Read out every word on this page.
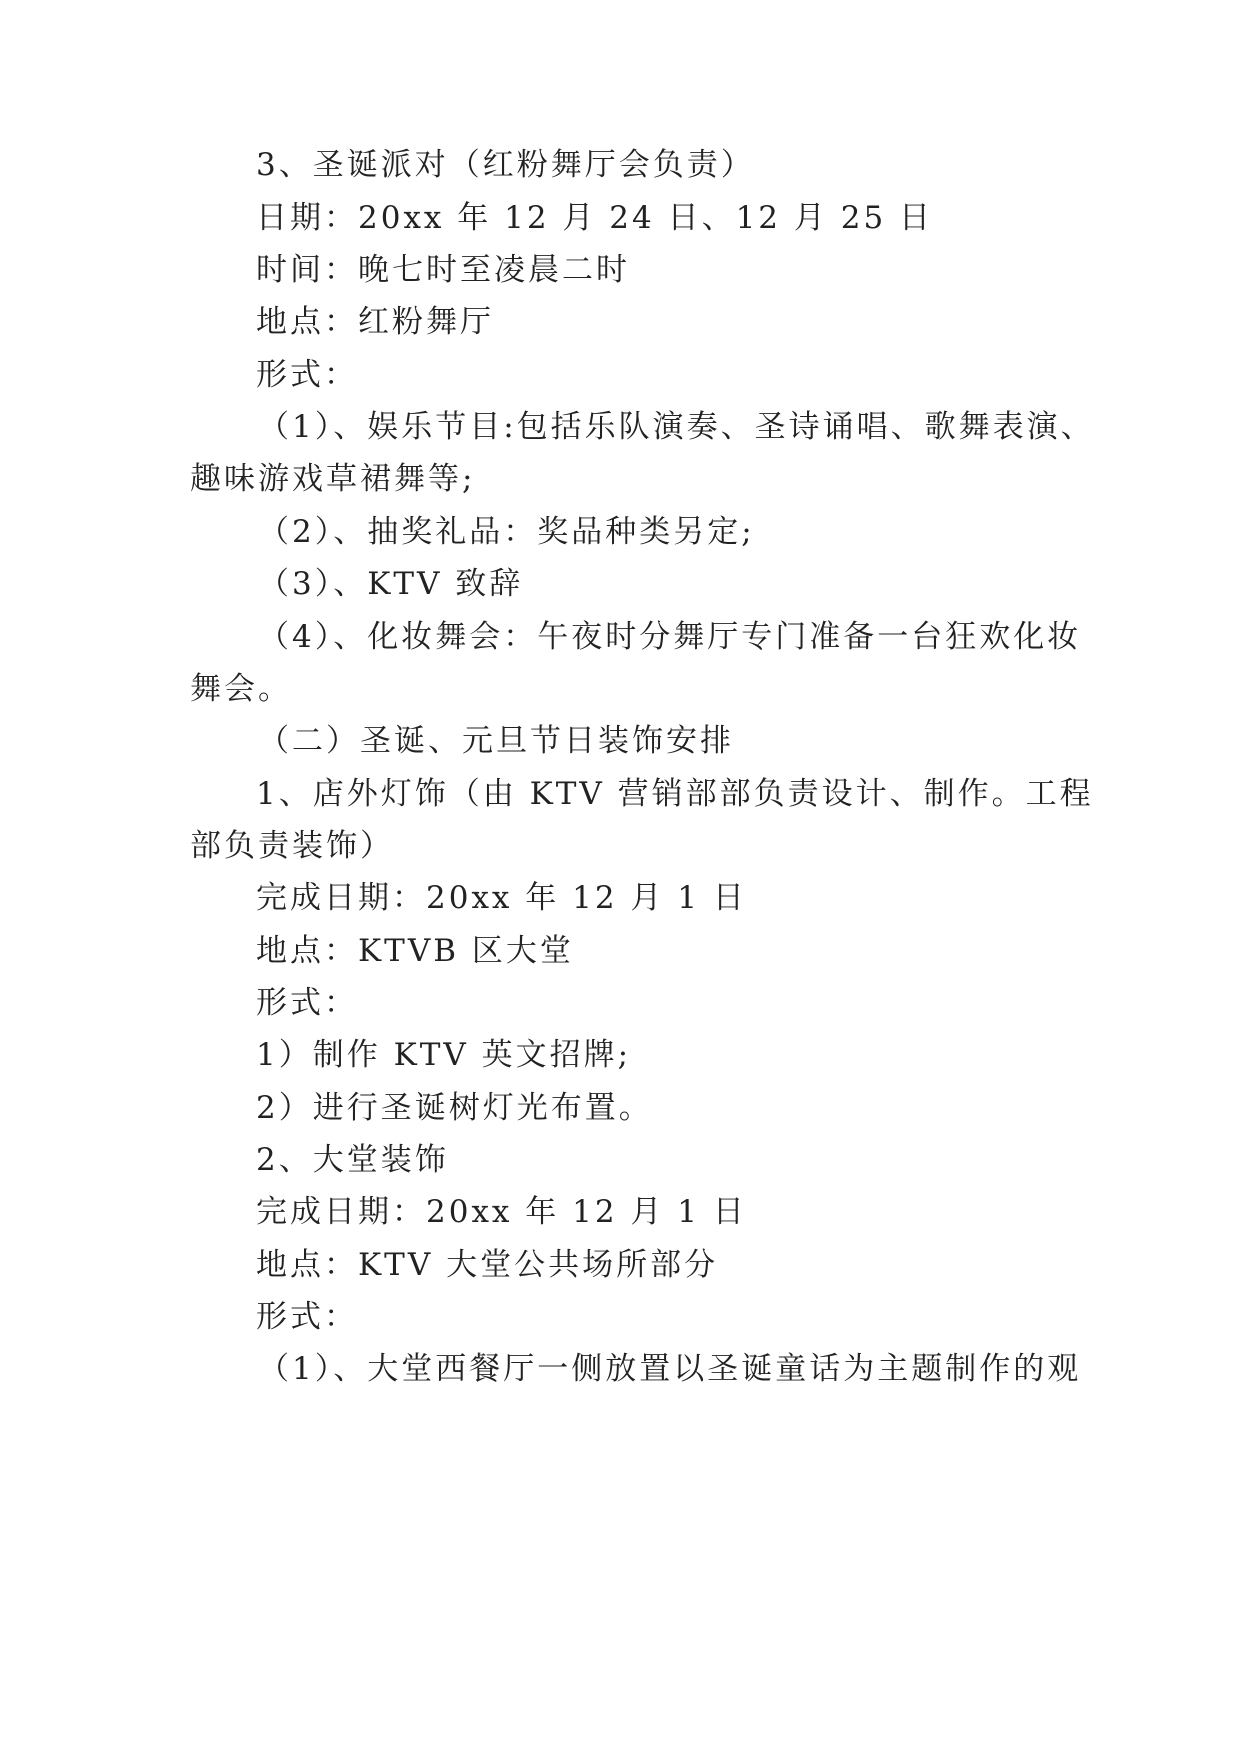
3、圣诞派对（红粉舞厅会负责）
日期：20xx 年 12 月 24 日、12 月 25 日
时间：晚七时至凌晨二时
地点：红粉舞厅
形式：
（1）、娱乐节目:包括乐队演奏、圣诗诵唱、歌舞表演、
趣味游戏草裙舞等;
（2）、抽奖礼品：奖品种类另定;
（3）、KTV 致辞
（4）、化妆舞会：午夜时分舞厅专门准备一台狂欢化妆
舞会。
（二）圣诞、元旦节日装饰安排
1、店外灯饰（由 KTV 营销部部负责设计、制作。工程
部负责装饰）
完成日期：20xx 年 12 月 1 日
地点：KTVB 区大堂
形式：
1）制作 KTV 英文招牌;
2）进行圣诞树灯光布置。
2、大堂装饰
完成日期：20xx 年 12 月 1 日
地点：KTV 大堂公共场所部分
形式：
（1）、大堂西餐厅一侧放置以圣诞童话为主题制作的观
